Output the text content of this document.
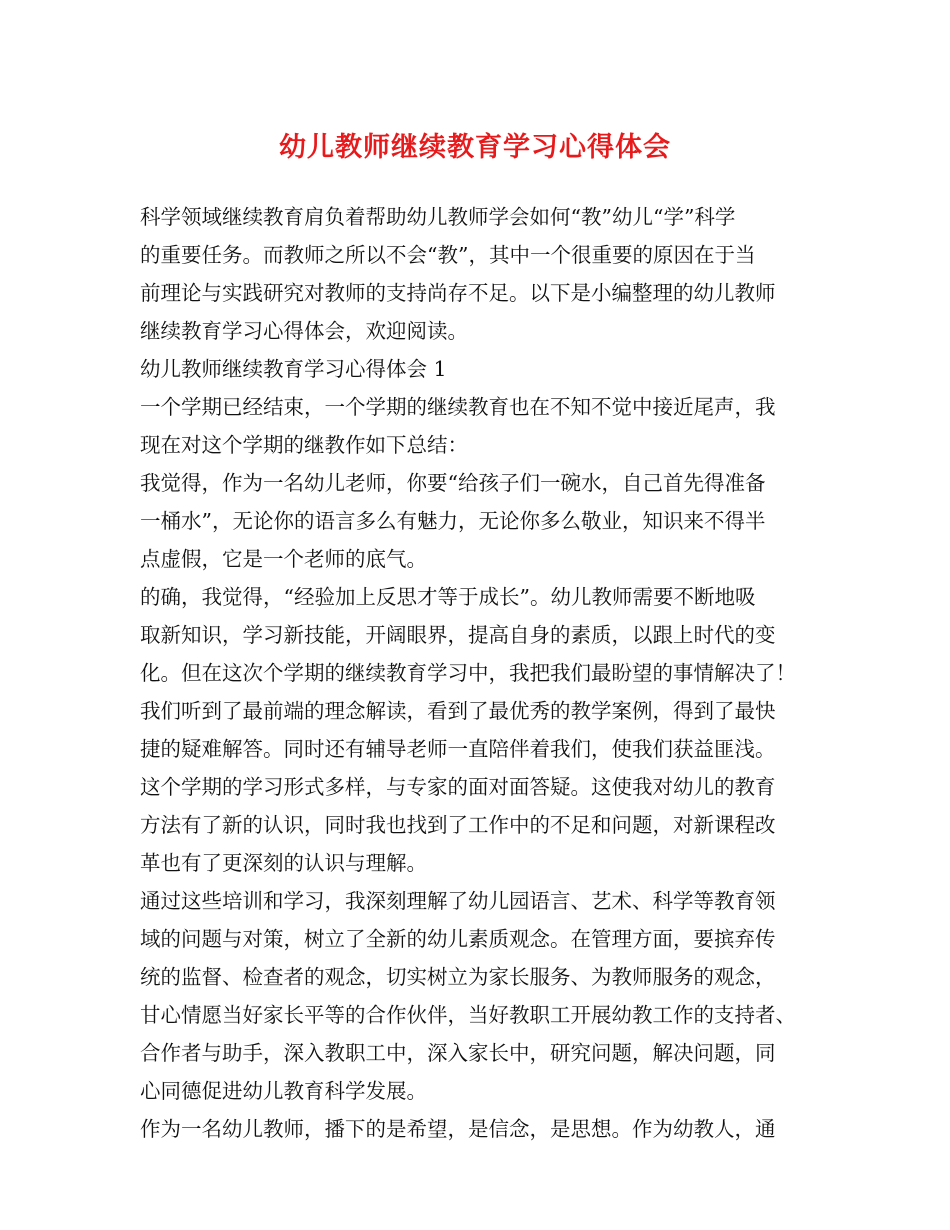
幼儿教师继续教育学习心得体会
科学领域继续教育肩负着帮助幼儿教师学会如何“教”幼儿“学”科学
的重要任务。而教师之所以不会“教”，其中一个很重要的原因在于当
前理论与实践研究对教师的支持尚存不足。以下是小编整理的幼儿教师
继续教育学习心得体会，欢迎阅读。
幼儿教师继续教育学习心得体会 1
一个学期已经结束，一个学期的继续教育也在不知不觉中接近尾声，我
现在对这个学期的继教作如下总结：
我觉得，作为一名幼儿老师，你要“给孩子们一碗水，自己首先得准备
一桶水”，无论你的语言多么有魅力，无论你多么敬业，知识来不得半
点虚假，它是一个老师的底气。
的确，我觉得，“经验加上反思才等于成长”。幼儿教师需要不断地吸
取新知识，学习新技能，开阔眼界，提高自身的素质，以跟上时代的变
化。但在这次个学期的继续教育学习中，我把我们最盼望的事情解决了！
我们听到了最前端的理念解读，看到了最优秀的教学案例，得到了最快
捷的疑难解答。同时还有辅导老师一直陪伴着我们，使我们获益匪浅。
这个学期的学习形式多样，与专家的面对面答疑。这使我对幼儿的教育
方法有了新的认识，同时我也找到了工作中的不足和问题，对新课程改
革也有了更深刻的认识与理解。
通过这些培训和学习，我深刻理解了幼儿园语言、艺术、科学等教育领
域的问题与对策，树立了全新的幼儿素质观念。在管理方面，要摈弃传
统的监督、检查者的观念，切实树立为家长服务、为教师服务的观念，
甘心情愿当好家长平等的合作伙伴，当好教职工开展幼教工作的支持者、
合作者与助手，深入教职工中，深入家长中，研究问题，解决问题，同
心同德促进幼儿教育科学发展。
作为一名幼儿教师，播下的是希望，是信念，是思想。作为幼教人，通
